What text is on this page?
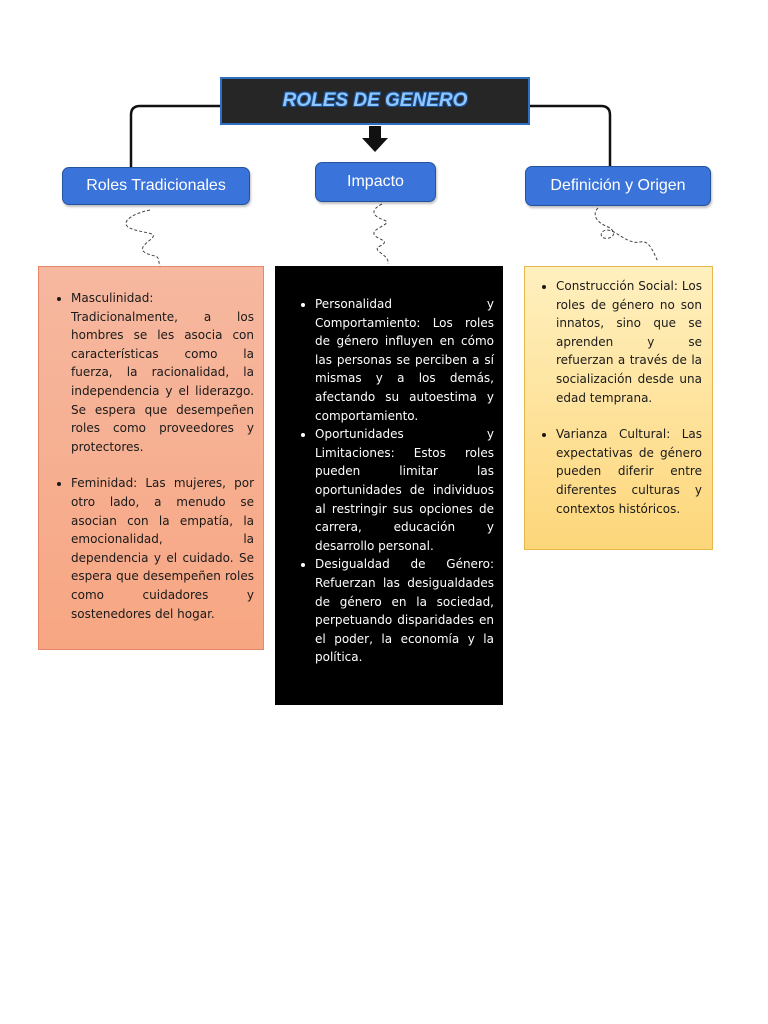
ROLES DE GENERO
Roles Tradicionales	Impacto	Definición y Origen
• Masculinidad: Tradicionalmente, a los hombres se les asocia con características como la fuerza, la racionalidad, la independencia y el liderazgo. Se espera que desempeñen roles como proveedores y protectores.
• Feminidad: Las mujeres, por otro lado, a menudo se asocian con la empatía, la emocionalidad, la dependencia y el cuidado. Se espera que desempeñen roles como cuidadores y sostenedores del hogar.
• Personalidad y Comportamiento: Los roles de género influyen en cómo las personas se perciben a sí mismas y a los demás, afectando su autoestima y comportamiento.
• Oportunidades y Limitaciones: Estos roles pueden limitar las oportunidades de individuos al restringir sus opciones de carrera, educación y desarrollo personal.
• Desigualdad de Género: Refuerzan las desigualdades de género en la sociedad, perpetuando disparidades en el poder, la economía y la política.
• Construcción Social: Los roles de género no son innatos, sino que se aprenden y se refuerzan a través de la socialización desde una edad temprana.
• Varianza Cultural: Las expectativas de género pueden diferir entre diferentes culturas y contextos históricos.
